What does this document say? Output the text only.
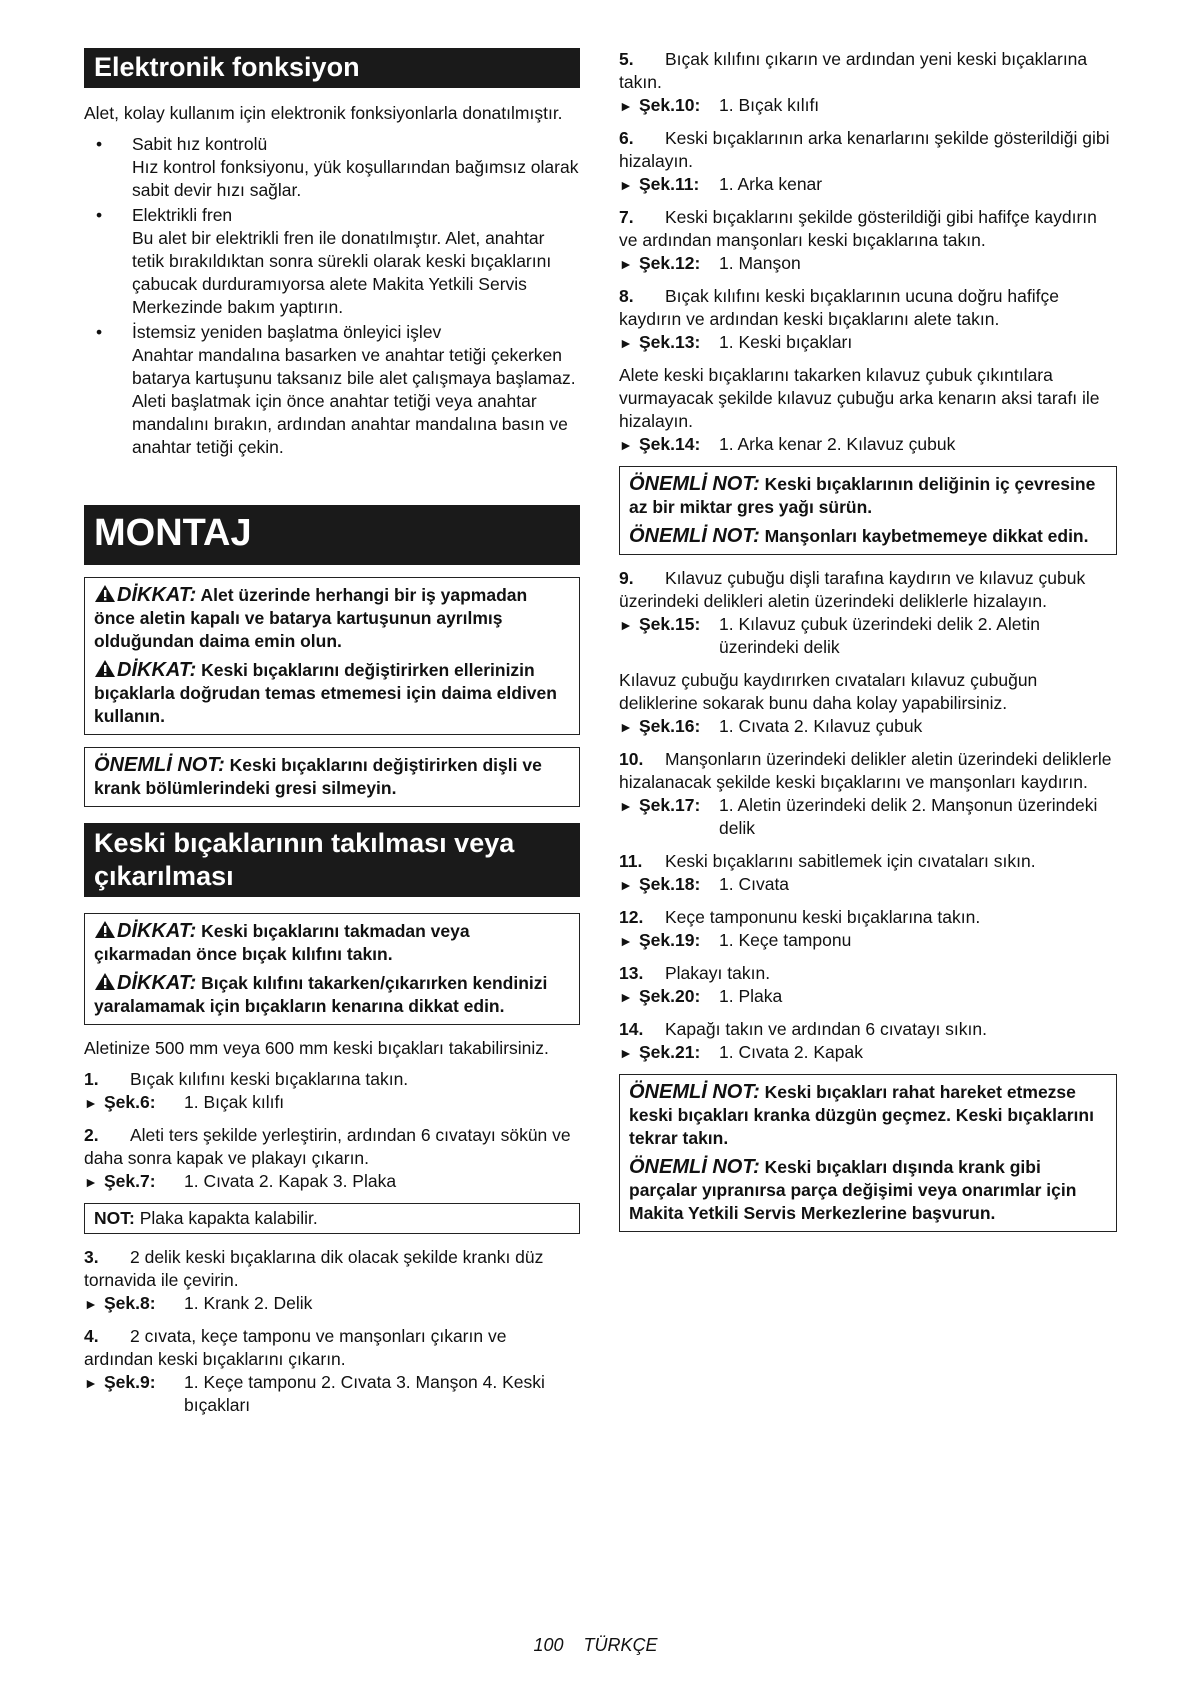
Elektronik fonksiyon

Alet, kolay kullanım için elektronik fonksiyonlarla donatılmıştır.

• Sabit hız kontrolü
Hız kontrol fonksiyonu, yük koşullarından bağımsız olarak sabit devir hızı sağlar.
• Elektrikli fren
Bu alet bir elektrikli fren ile donatılmıştır. Alet, anahtar tetik bırakıldıktan sonra sürekli olarak keski bıçaklarını çabucak durduramıyorsa alete Makita Yetkili Servis Merkezinde bakım yaptırın.
• İstemsiz yeniden başlatma önleyici işlev
Anahtar mandalına basarken ve anahtar tetiği çekerken batarya kartuşunu taksanız bile alet çalışmaya başlamaz. Aleti başlatmak için önce anahtar tetiği veya anahtar mandalını bırakın, ardından anahtar mandalına basın ve anahtar tetiği çekin.
MONTAJ
DİKKAT: Alet üzerinde herhangi bir iş yapmadan önce aletin kapalı ve batarya kartuşunun ayrılmış olduğundan daima emin olun.
DİKKAT: Keski bıçaklarını değiştirirken ellerinizin bıçaklarla doğrudan temas etmemesi için daima eldiven kullanın.
ÖNEMLİ NOT: Keski bıçaklarını değiştirirken dişli ve krank bölümlerindeki gresi silmeyin.
Keski bıçaklarının takılması veya çıkarılması
DİKKAT: Keski bıçaklarını takmadan veya çıkarmadan önce bıçak kılıfını takın.
DİKKAT: Bıçak kılıfını takarken/çıkarırken kendinizi yaralamamak için bıçakların kenarına dikkat edin.

Aletinize 500 mm veya 600 mm keski bıçakları takabilirsiniz.

1. Bıçak kılıfını keski bıçaklarına takın.
► Şek.6: 1. Bıçak kılıfı
2. Aleti ters şekilde yerleştirin, ardından 6 cıvatayı sökün ve daha sonra kapak ve plakayı çıkarın.
► Şek.7: 1. Cıvata 2. Kapak 3. Plaka
NOT: Plaka kapakta kalabilir.
3. 2 delik keski bıçaklarına dik olacak şekilde krankı düz tornavida ile çevirin.
► Şek.8: 1. Krank 2. Delik
4. 2 cıvata, keçe tamponu ve manşonları çıkarın ve ardından keski bıçaklarını çıkarın.
► Şek.9: 1. Keçe tamponu 2. Cıvata 3. Manşon 4. Keski bıçakları
5. Bıçak kılıfını çıkarın ve ardından yeni keski bıçaklarına takın.
► Şek.10: 1. Bıçak kılıfı
6. Keski bıçaklarının arka kenarlarını şekilde gösterildiği gibi hizalayın.
► Şek.11: 1. Arka kenar
7. Keski bıçaklarını şekilde gösterildiği gibi hafifçe kaydırın ve ardından manşonları keski bıçaklarına takın.
► Şek.12: 1. Manşon
8. Bıçak kılıfını keski bıçaklarının ucuna doğru hafifçe kaydırın ve ardından keski bıçaklarını alete takın.
► Şek.13: 1. Keski bıçakları
Alete keski bıçaklarını takarken kılavuz çubuk çıkıntılara vurmayacak şekilde kılavuz çubuğu arka kenarın aksi tarafı ile hizalayın.
► Şek.14: 1. Arka kenar 2. Kılavuz çubuk
ÖNEMLİ NOT: Keski bıçaklarının deliğinin iç çevresine az bir miktar gres yağı sürün.
ÖNEMLİ NOT: Manşonları kaybetmemeye dikkat edin.
9. Kılavuz çubuğu dişli tarafına kaydırın ve kılavuz çubuk üzerindeki delikleri aletin üzerindeki deliklerle hizalayın.
► Şek.15: 1. Kılavuz çubuk üzerindeki delik 2. Aletin üzerindeki delik
Kılavuz çubuğu kaydırırken cıvataları kılavuz çubuğun deliklerine sokarak bunu daha kolay yapabilirsiniz.
► Şek.16: 1. Cıvata 2. Kılavuz çubuk
10. Manşonların üzerindeki delikler aletin üzerindeki deliklerle hizalanacak şekilde keski bıçaklarını ve manşonları kaydırın.
► Şek.17: 1. Aletin üzerindeki delik 2. Manşonun üzerindeki delik
11. Keski bıçaklarını sabitlemek için cıvataları sıkın.
► Şek.18: 1. Cıvata
12. Keçe tamponunu keski bıçaklarına takın.
► Şek.19: 1. Keçe tamponu
13. Plakayı takın.
► Şek.20: 1. Plaka
14. Kapağı takın ve ardından 6 cıvatayı sıkın.
► Şek.21: 1. Cıvata 2. Kapak
ÖNEMLİ NOT: Keski bıçakları rahat hareket etmezse keski bıçakları kranka düzgün geçmez. Keski bıçaklarını tekrar takın.
ÖNEMLİ NOT: Keski bıçakları dışında krank gibi parçalar yıpranırsa parça değişimi veya onarımlar için Makita Yetkili Servis Merkezlerine başvurun.
100 TÜRKÇE
